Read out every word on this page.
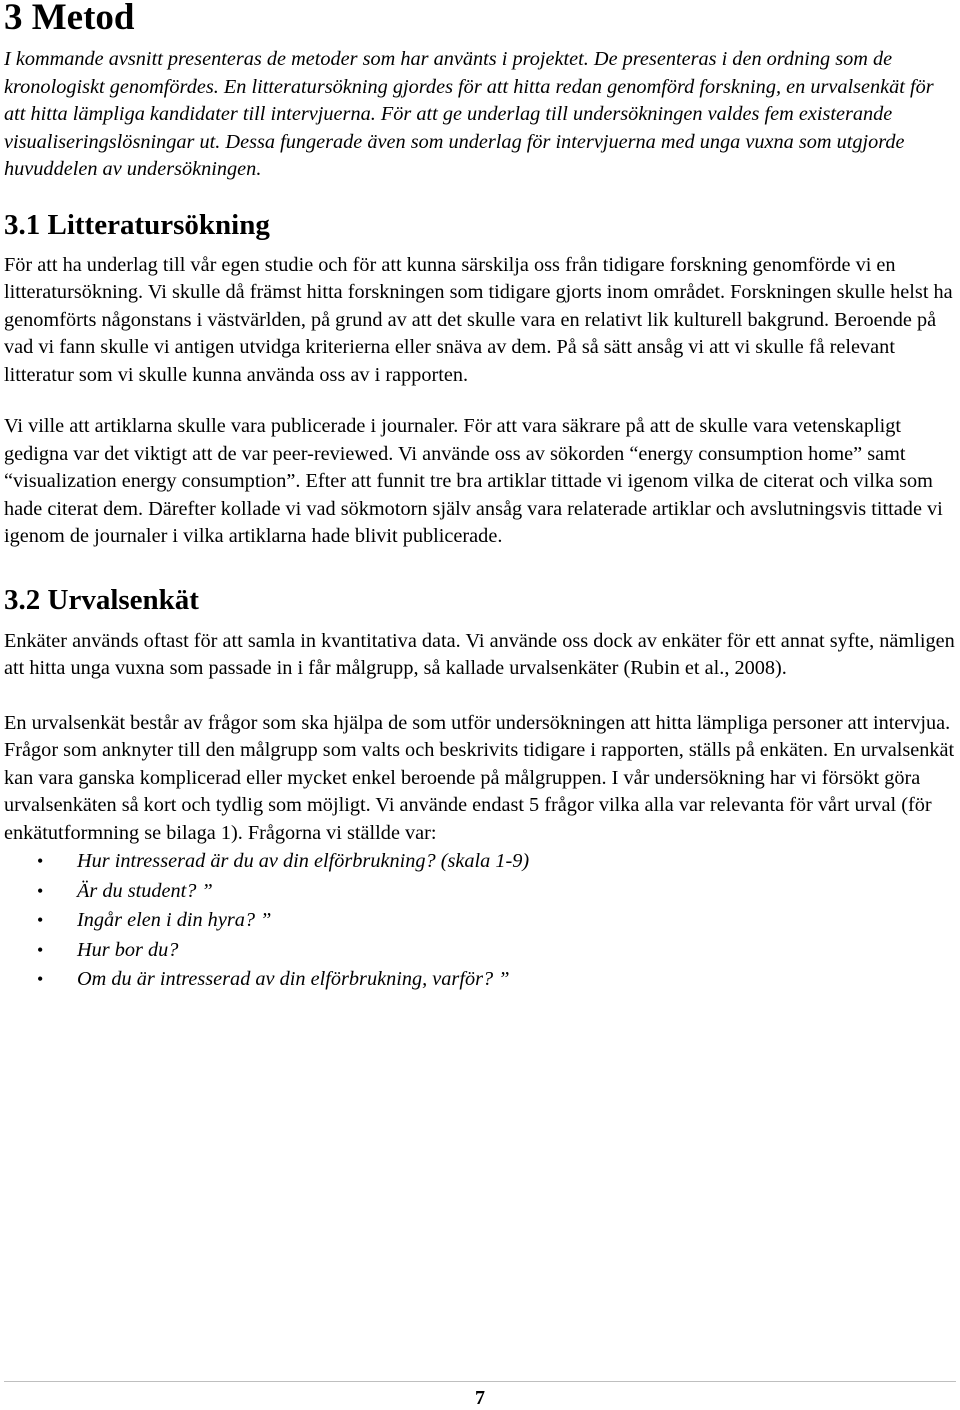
3 Metod

I kommande avsnitt presenteras de metoder som har använts i projektet. De presenteras i den ordning som de kronologiskt genomfördes. En litteratursökning gjordes för att hitta redan genomförd forskning, en urvalsenkät för att hitta lämpliga kandidater till intervjuerna. För att ge underlag till undersökningen valdes fem existerande visualiseringslösningar ut. Dessa fungerade även som underlag för intervjuerna med unga vuxna som utgjorde huvuddelen av undersökningen.

3.1 Litteratursökning

För att ha underlag till vår egen studie och för att kunna särskilja oss från tidigare forskning genomförde vi en litteratursökning. Vi skulle då främst hitta forskningen som tidigare gjorts inom området. Forskningen skulle helst ha genomförts någonstans i västvärlden, på grund av att det skulle vara en relativt lik kulturell bakgrund. Beroende på vad vi fann skulle vi antigen utvidga kriterierna eller snäva av dem. På så sätt ansåg vi att vi skulle få relevant litteratur som vi skulle kunna använda oss av i rapporten.

Vi ville att artiklarna skulle vara publicerade i journaler. För att vara säkrare på att de skulle vara vetenskapligt gedigna var det viktigt att de var peer-reviewed. Vi använde oss av sökorden “energy consumption home” samt “visualization energy consumption”. Efter att funnit tre bra artiklar tittade vi igenom vilka de citerat och vilka som hade citerat dem. Därefter kollade vi vad sökmotorn själv ansåg vara relaterade artiklar och avslutningsvis tittade vi igenom de journaler i vilka artiklarna hade blivit publicerade.

3.2 Urvalsenkät

Enkäter används oftast för att samla in kvantitativa data. Vi använde oss dock av enkäter för ett annat syfte, nämligen att hitta unga vuxna som passade in i får målgrupp, så kallade urvalsenkäter (Rubin et al., 2008).

En urvalsenkät består av frågor som ska hjälpa de som utför undersökningen att hitta lämpliga personer att intervjua. Frågor som anknyter till den målgrupp som valts och beskrivits tidigare i rapporten, ställs på enkäten. En urvalsenkät kan vara ganska komplicerad eller mycket enkel beroende på målgruppen. I vår undersökning har vi försökt göra urvalsenkäten så kort och tydlig som möjligt. Vi använde endast 5 frågor vilka alla var relevanta för vårt urval (för enkätutformning se bilaga 1). Frågorna vi ställde var:

• Hur intresserad är du av din elförbrukning? (skala 1-9)
• Är du student? ”
• Ingår elen i din hyra? ”
• Hur bor du?
• Om du är intresserad av din elförbrukning, varför? ”
7
